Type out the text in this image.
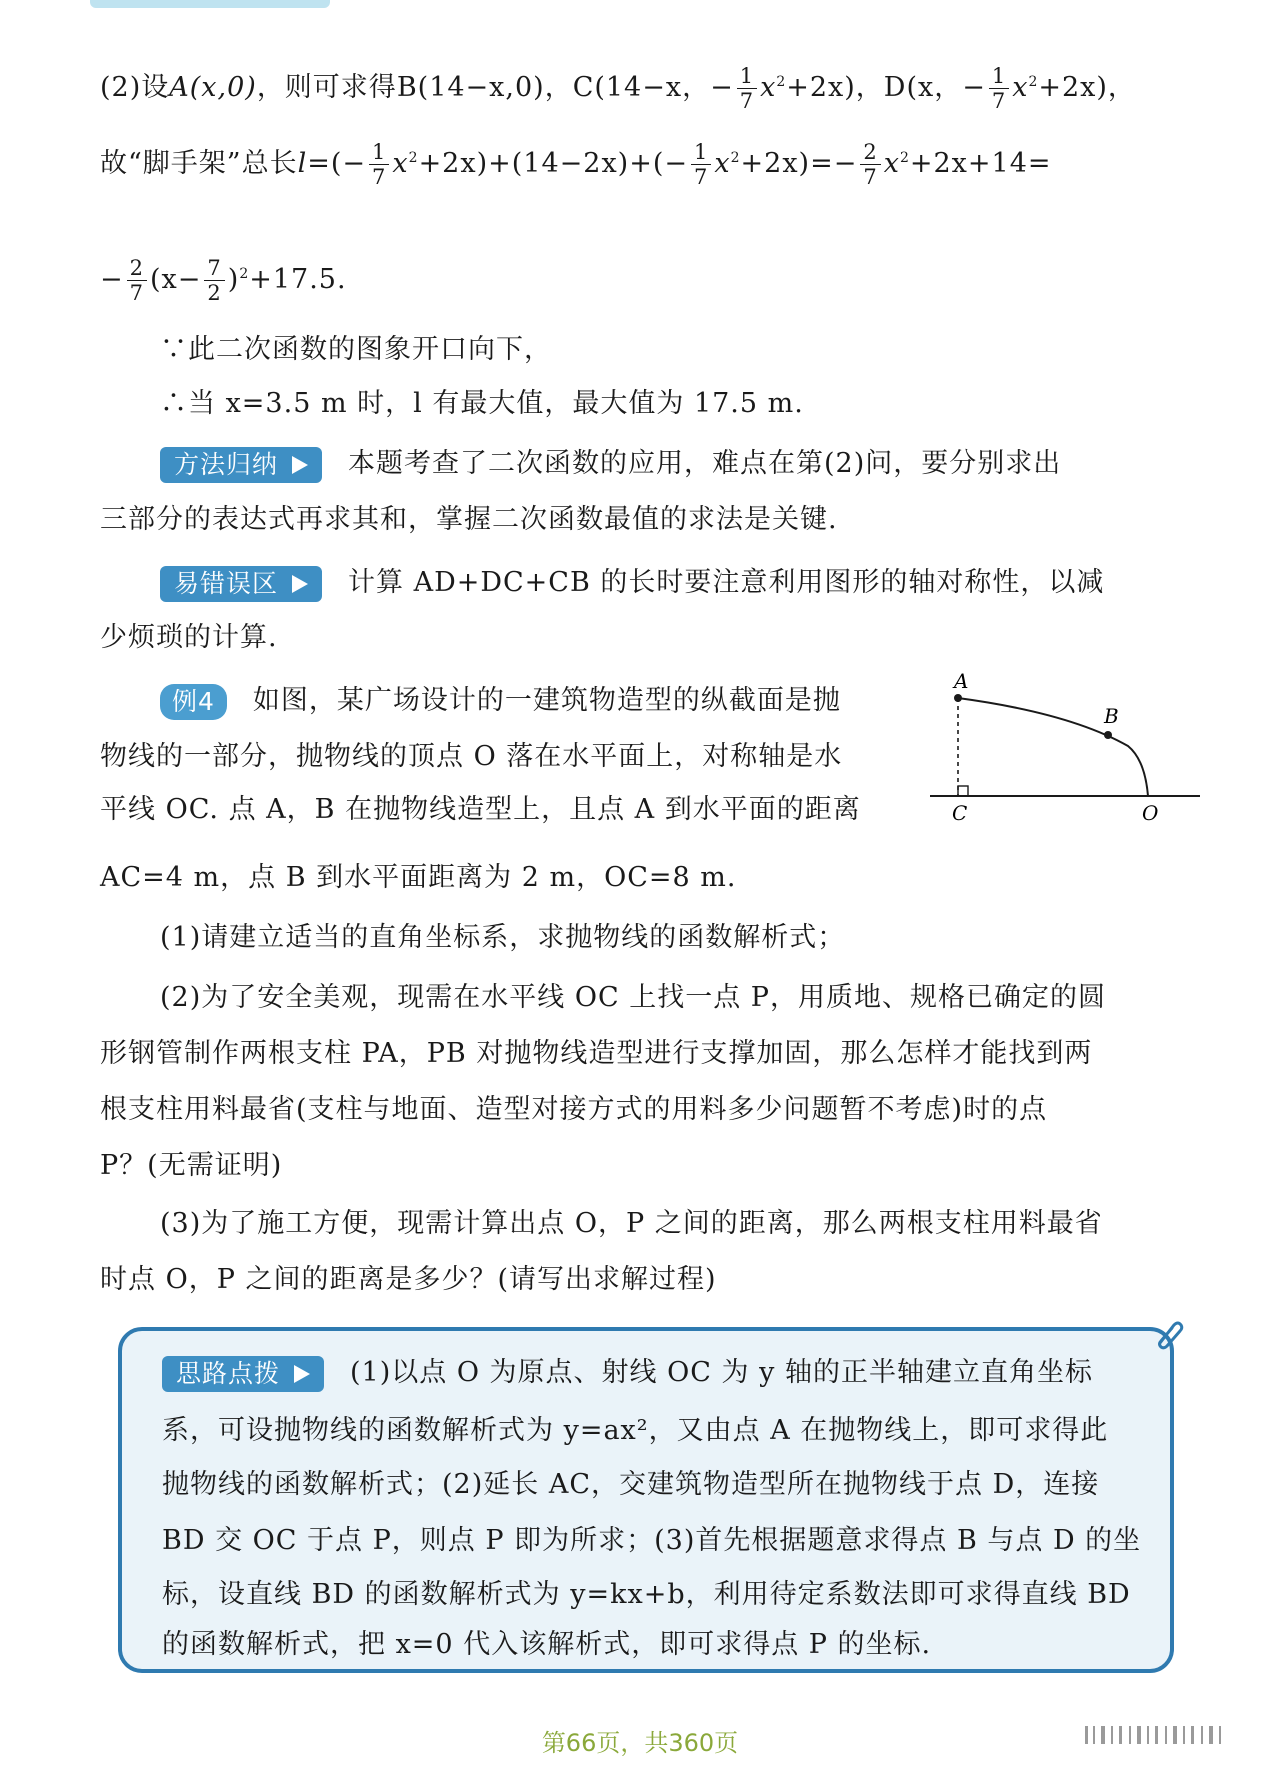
(2)设A(x,0)，则可求得B(14−x,0)，C(14−x，− $\frac{1}{7} x^2+2x$)，D(x，− $\frac{1}{7} x^2+2x$)，
故“脚手架”总长$l=(- \frac{1}{7} x^2+2x)+(14-2x)+(- \frac{1}{7} x^2+2x)=- \frac{2}{7} x^2+2x+14=$
− $\frac{2}{7} (x- \frac{7}{2} )^2+17.5$.
∵此二次函数的图象开口向下，
∴当 x=3.5 m 时，l 有最大值，最大值为 17.5 m.
方法归纳	本题考查了二次函数的应用，难点在第(2)问，要分别求出
三部分的表达式再求其和，掌握二次函数最值的求法是关键.
易错误区	计算 AD+DC+CB 的长时要注意利用图形的轴对称性，以减
少烦琐的计算.
例4 如图，某广场设计的一建筑物造型的纵截面是抛
物线的一部分，抛物线的顶点 O 落在水平面上，对称轴是水
平线 OC. 点 A，B 在抛物线造型上，且点 A 到水平面的距离
AC=4 m，点 B 到水平面距离为 2 m，OC=8 m.
A
B
C	O
(1)请建立适当的直角坐标系，求抛物线的函数解析式；
(2)为了安全美观，现需在水平线 OC 上找一点 P，用质地、规格已确定的圆
形钢管制作两根支柱 PA，PB 对抛物线造型进行支撑加固，那么怎样才能找到两
根支柱用料最省(支柱与地面、造型对接方式的用料多少问题暂不考虑)时的点
P？(无需证明)
(3)为了施工方便，现需计算出点 O，P 之间的距离，那么两根支柱用料最省
时点 O，P 之间的距离是多少？(请写出求解过程)
思路点拨	(1)以点 O 为原点、射线 OC 为 y 轴的正半轴建立直角坐标
系，可设抛物线的函数解析式为 y=ax²，又由点 A 在抛物线上，即可求得此
抛物线的函数解析式；(2)延长 AC，交建筑物造型所在抛物线于点 D，连接
BD 交 OC 于点 P，则点 P 即为所求；(3)首先根据题意求得点 B 与点 D 的坐
标，设直线 BD 的函数解析式为 y=kx+b，利用待定系数法即可求得直线 BD
的函数解析式，把 x=0 代入该解析式，即可求得点 P 的坐标.
第66页，共360页
